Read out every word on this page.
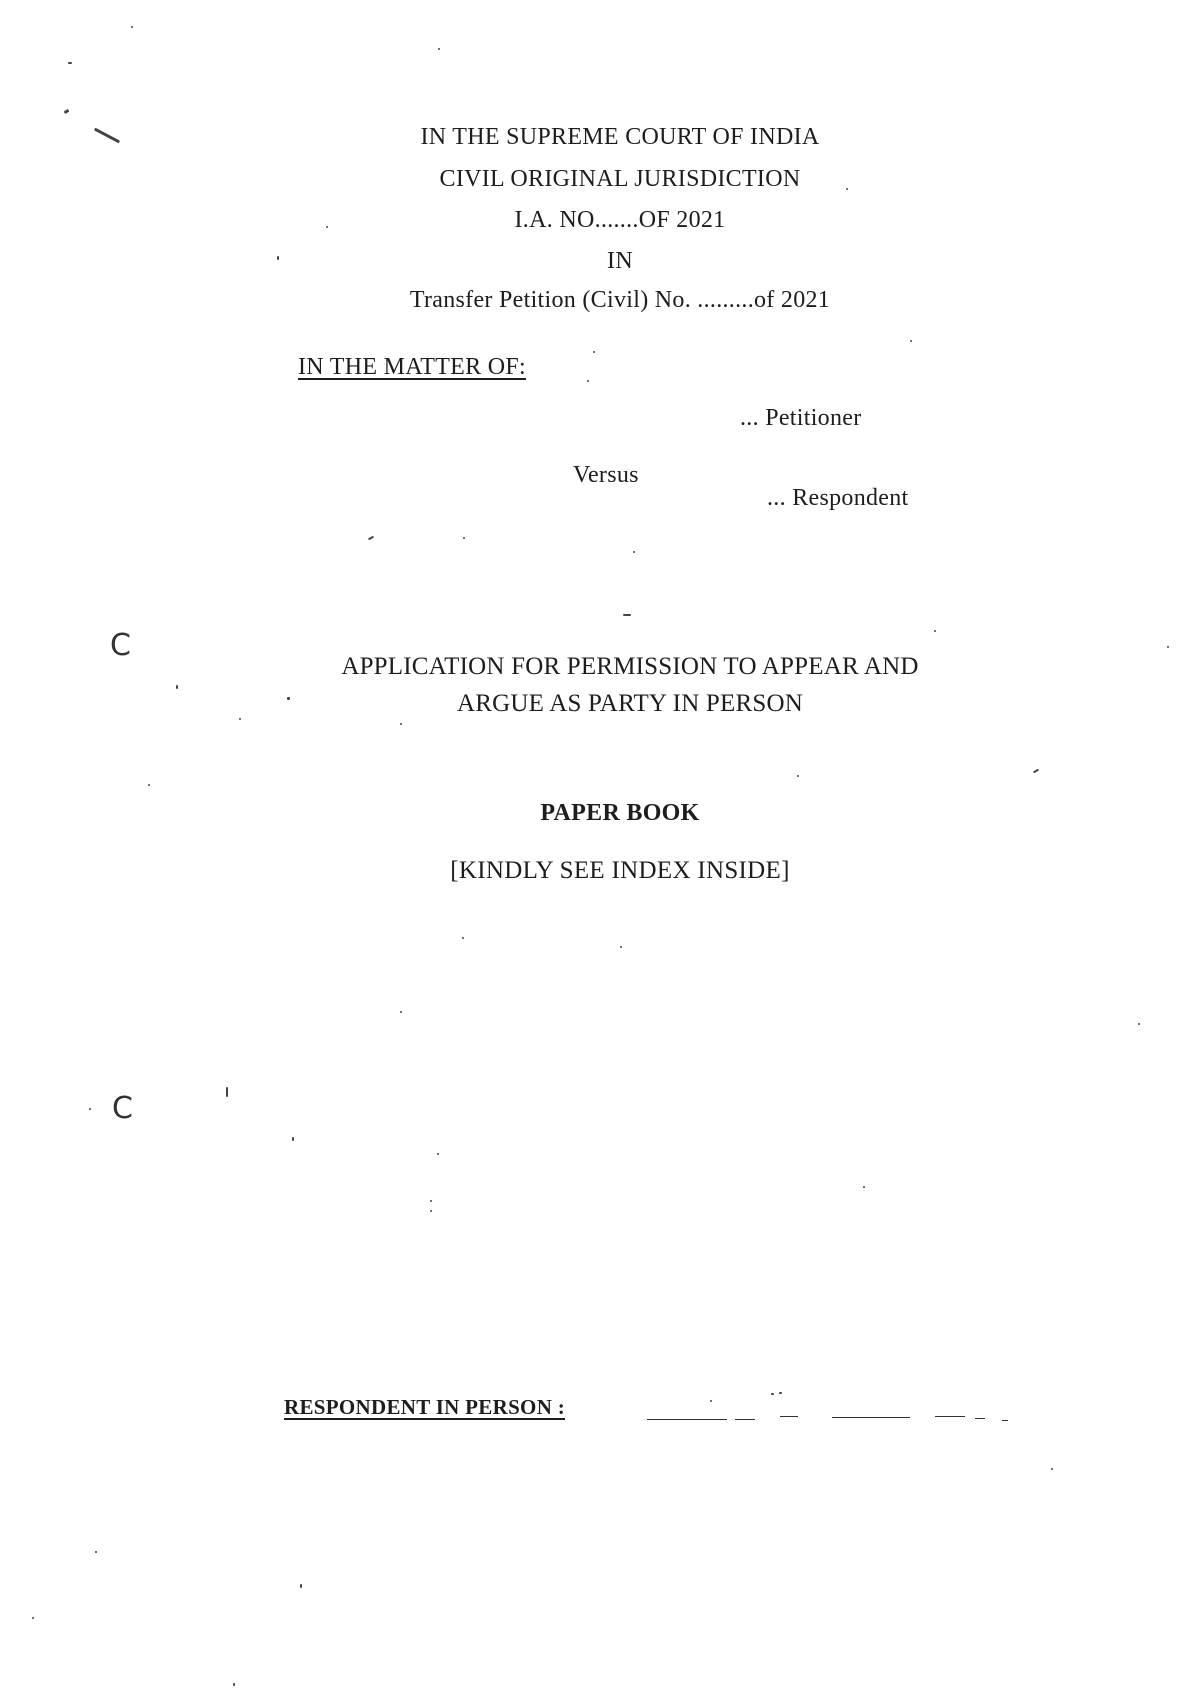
IN THE SUPREME COURT OF INDIA
CIVIL ORIGINAL JURISDICTION
I.A. NO.......OF 2021
IN
Transfer Petition (Civil) No. .........of 2021
IN THE MATTER OF:
... Petitioner
Versus
... Respondent
APPLICATION FOR PERMISSION TO APPEAR AND
ARGUE AS PARTY IN PERSON
PAPER BOOK
[KINDLY SEE INDEX INSIDE]
RESPONDENT IN PERSON :
C
C
